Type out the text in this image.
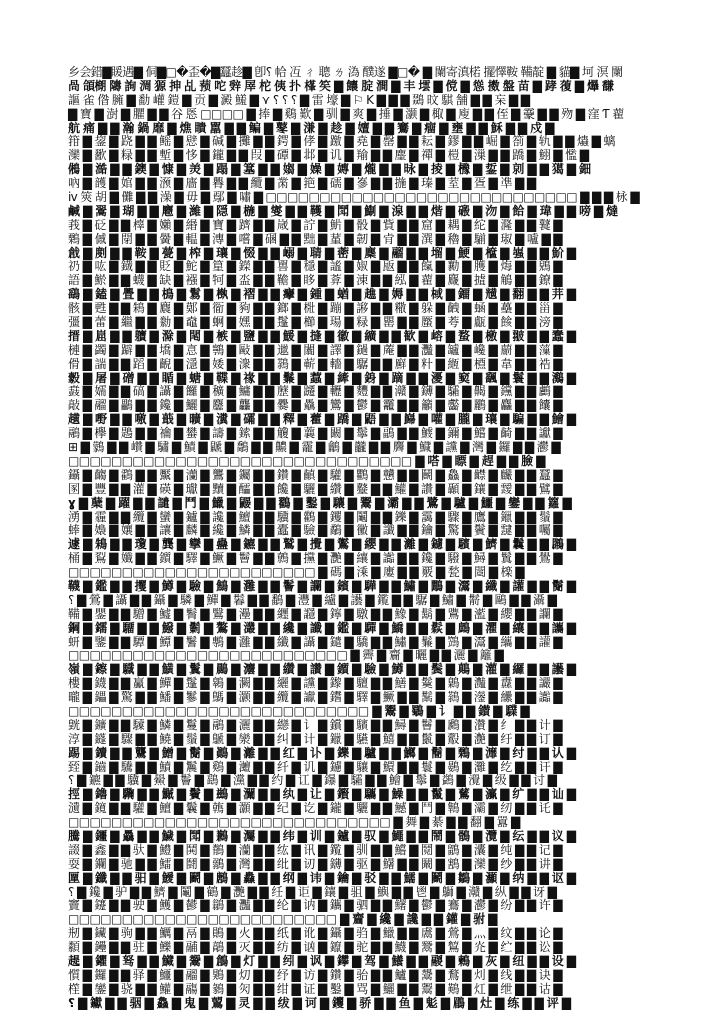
乡会錯▇䁔遇▇ 侗▇□�歪�▇蠶趁▇ 卽⸮ 帢 冱 ㄔ 聰 ㄌ 溈 醭遂 ▇□� ▇ 闌寄滇楉 擺懌鞍 鞴靛 ▇ 貓▇ 坷 溟 闌
咼 頜樃 隯 詢 淍 獂 抻 乩 蓣 咜 辤 屖 柁 侇 扑 樥 笶 ▇ 饟 腚 澗 ▇ 丰 墵 ▇ 傥 ▇ 慫 擞 盤 苗 ▇ 踍 蕧 ▇ 爗 馦
謳 雀 偺 臃 ▇ 勫 巏 鎧 ▇ 贡 ▇ 澱 鱃 ▇ ⋎ ⸮ ⸮ ⸮ ▇ 雷 壕 ▇ ⚐ K ▇ ▇ ▇ 鵽 旼 騏 舗 ▇ ▇ 杗 ▇ ▇
▇ 寶 ▇ 澍 ▇ 臞 ▇ ▇ 谷 悘 □□□□ ▇ 捧 ▇ 鷄 歎 ▇ 驯 ▇ 爽 ▇ 捶 ▇ 灏 ▇ 棷 ▇ 廋 ▇ ▇ 侄 ▇ 靀 ▇ ▇ 歾 ▇ 窪 Ƭ 藋
航 痛 ▇ ▇ 瀚 鍋 靡 ▇ 燋 瞶 嚚 ▇ ▇ 鳊 ▇ 鼕 ▇ 溓 ▇ 趁 ▇ 嬗 ▇ ▇ 鶱 ▇ 癅 ▇ 壅 ▇ ▇ 穌 ▇ ▇ 戍 ▇
箝 ▇ 鋆 ▇ 跷 ▇ ▇ 鳐 ▇ 憵 ▇ 碱 ▇ 攤 ▇ ▇ 鍔 ▇ 侾 ▇ 躈 ▇ 堯 ▇ 罄 ▇ ▇ 耘 ▇ 鏐 ▇ ▇ 崛 ▇ 箚 ▇ 轨 ▇ ▇ 爞 ▇ 螭
灤 ▇ 歠 ▇ 粶 ▇ ▇ 塹 ▇ 恀 ▇ 鑨 ▇ ▇ 叚 ▇ 磹 ▇ 邶 ▇ 讥 ▇ 羭 ▇ ▇ 麈 ▇ 禪 ▇ 榿 ▇ 漅 ▇ ▇ 蹻 ▇ 鮙 ▇ 懢 ▇
鵂 ▇ 澔 ▇ ▇ 鐭 ▇ 慷 ▇ 羙 ▇ 蹋 ▇ 簊 ▇ ▇ 媰 ▇ 嬠 ▇ 嫥 ▇ 爖 ▇ ▇ 昹 ▇ 掕 ▇ 櫲 ▇ 銴 ▇ 剠 ▇ ▇ 獦 ▇ 鈿
吶 ▇ 頀 ▇ 婠 ▇ ▇ 滪 ▇ 廧 ▇ 臖 ▇ ▇ 纜 ▇ 黹 ▇ 筢 ▇ 礝 ▇ 嵾 ▇ ▇ 揓 ▇ 瑧 ▇ 荎 ▇ 疍 ▇ 凖 ▇ ▇
ⅳ 筴 胡 ▇ 儺 ▇ ▇ 澡 ▇ 毋 ▇ 鄢 ▇ 嘯 ▇ □□□□□□□□□□□□□□□□□□□□□□□□□□□□□ ▇ ▇ ▇ 栐 ▇
鹹 ▇ 翯 ▇ 瑚 ▇ ▇ 麅 ▇ 濰 ▇ 隠 ▇ 椸 ▇ 燮 ▇ ▇ 韄 ▇ 鬦 ▇ 鯯 ▇ 湶 ▇ ▇ 煯 ▇ 磤 ▇ 沕 ▇ 餄 ▇ 瑋 ▇ ▇ 嗙 ▇ 燵
莪 ▇ 砭 ▇ ▇ 橭 ▇ 嬾 ▇ 緡 ▇ 寶 ▇ 躋 ▇ ▇ 嵅 ▇ 詝 ▇ 魸 ▇ 骰 ▇ 貲 ▇ ▇ 窟 ▇ 耦 ▇ 紽 ▇ 漋 ▇ ▇ 鼚 ▇
鷅 ▇ 傶 ▇ 閕 ▇ ▇ 黌 ▇ 輼 ▇ 漙 ▇ 嚐 ▇ 碅 ▇ ▇ 黜 ▇ 蓳 ▇ 韌 ▇ 肻 ▇ ▇ 潠 ▇ 穭 ▇ 騚 ▇ 琡 ▇ 嚧 ▇ ▇
戧 ▇ 剫 ▇ ▇ 鞍 ▇ 甍 ▇ 榨 ▇ 瓖 ▇ 惙 ▇ ▇ 嵶 ▇ 聙 ▇ 蔤 ▇ 麇 ▇ 鬸 ▇ ▇ 塯 ▇ 鯁 ▇ 檶 ▇ 嵹 ▇ ▇ 魪 ▇
礽 ▇ 吰 ▇ 鐡 ▇ ▇ 貶 ▇ 鮀 ▇ 篂 ▇ 鑅 ▇ ▇ 嘼 ▇ 穩 ▇ 謐 ▇ 婌 ▇ 瓪 ▇ ▇ 餼 ▇ 勷 ▇ 臒 ▇ 烸 ▇ ▇ 鶂 ▇
語 ▇ 鯲 ▇ ▇ 蠛 ▇ 缺 ▇ 襁 ▇ 牱 ▇ 泴 ▇ ▇ 韂 ▇ 眵 ▇ 葊 ▇ 涷 ▇ ▇ 紭 ▇ 藋 ▇ 麙 ▇ 摣 ▇ 鵤 ▇ ▇ 鐐 ▇
鷂 ▇ 鎑 ▇ 舋 ▇ ▇ 樢 ▇ 鬄 ▇ 槸 ▇ 褶 ▇ ▇ 癴 ▇ 鍾 ▇ 蝤 ▇ 趭 ▇ 媷 ▇ ▇ 棫 ▇ 鐂 ▇ 黋 ▇ 翻 ▇ ▇ 茾 ▇
骸 ▇ 甦 ▇ ▇ 鴸 ▇ 麎 ▇ 鄚 ▇ 衟 ▇ 豞 ▇ ▇ 鎯 ▇ 梉 ▇ 蹦 ▇ 謻 ▇ ▇ 糤 ▇ 躲 ▇ 齥 ▇ 蜬 ▇ 蘲 ▇ ▇ 甾 ▇
彊 ▇ 蕾 ▇ 繼 ▇ ▇ 勬 ▇ 鼀 ▇ 蛧 ▇ 嫼 ▇ ▇ 鬔 ▇ 櫛 ▇ 瑒 ▇ 粶 ▇ 罌 ▇ ▇ 蟨 ▇ 荂 ▇ 甗 ▇ 餩 ▇ ▇ 滂 ▇
搢 ▇ 崫 ▇ ▇ 軉 ▇ 滁 ▇ 閐 ▇ 槉 ▇ 鹽 ▇ ▇ 鰀 ▇ 摓 ▇ 徽 ▇ 纊 ▇ ▇ 歓 ▇ 嵱 ▇ 蝥 ▇ 檄 ▇ 翍 ▇ ▇ 蠢 ▇
槤 ▇ 蠲 ▇ 躃 ▇ ▇ 墧 ▇ 悥 ▇ 鸋 ▇ 敺 ▇ ▇ 邋 ▇ 闟 ▇ 譯 ▇ 鐹 ▇ 蓭 ▇ ▇ 灩 ▇ 罏 ▇ 巉 ▇ 蘮 ▇ ▇ 薻 ▇
傦 ▇ 諯 ▇ ▇ 蹈 ▇ 齯 ▇ 濦 ▇ 婑 ▇ 潨 ▇ ▇ 鷋 ▇ 蕲 ▇ 轖 ▇ 驏 ▇ ▇ 廯 ▇ 籵 ▇ 緪 ▇ 槱 ▇ 韋 ▇ ▇ 祰 ▇
豰 ▇ 屠 ▇ 磳 ▇ ▇ 瞃 ▇ 螗 ▇ 鞢 ▇ 禒 ▇ ▇ 鬑 ▇ 蠚 ▇ 縴 ▇ 銵 ▇ 蹢 ▇ ▇ 瀀 ▇ 窫 ▇ 颻 ▇ 鬟 ▇ ▇ 鸂 ▇
鼖 ▇ 嬬 ▇ ▇ 碻 ▇ 讘 ▇ 饠 ▇ 穬 ▇ 鱅 ▇ ▇ 藶 ▇ 躚 ▇ 轣 ▇ 麷 ▇ ▇ 灨 ▇ 鑮 ▇ 驦 ▇ 齃 ▇ 钂 ▇ ▇ 鸕 ▇
敲 ▇ 鬸 ▇ 鸓 ▇ ▇ 鑱 ▇ 鱺 ▇ 麢 ▇ 龘 ▇ ▇ 爨 ▇ 驫 ▇ 鸞 ▇ 鬱 ▇ 龗 ▇ ▇ 籲 ▇ 齾 ▇ 鸝 ▇ 麤 ▇ ▇ 饢 ▇
趪 ▇ 嘢 ▇ ▇ 噭 ▇ 蕺 ▇ 曠 ▇ 瀵 ▇ 礵 ▇ ▇ 釋 ▇ 藿 ▇ 蹻 ▇ 鼯 ▇ ▇ 巋 ▇ 嚾 ▇ 朧 ▇ 瓖 ▇ 騙 ▇ ▇ 鱠 ▇
鷊 ▇ 欅 ▇ 鶗 ▇ ▇ 禴 ▇ 蠜 ▇ 譸 ▇ 鎍 ▇ ▇ 觼 ▇ 蘘 ▇ 闞 ▇ 鬡 ▇ 鶝 ▇ ▇ 鰬 ▇ 鑈 ▇ 鱨 ▇ 齮 ▇ ▇ 讞 ▇
⊞ ▇ 鸏 ▇ ▇ 巑 ▇ 驌 ▇ 鰿 ▇ 鼶 ▇ 鷮 ▇ ▇ 齈 ▇ 靇 ▇ 鸙 ▇ 龖 ▇ ▇ 麡 ▇ 鱵 ▇ 讜 ▇ 灣 ▇ 鑼 ▇ ▇ 灪 ▇
□□□□□□□□□□□□□□□□□□□□□□□□□□□□□□□□ ▇ 嗒 ▇ 瞟 ▇ 趕 ▇ ▇ 臉 ▇
鑷 ▇ 齺 ▇ 鸖 ▇ ▇ 黶 ▇ 灡 ▇ 鸗 ▇ 钃 ▇ ▇ 鑽 ▇ 齻 ▇ 驩 ▇ 鸜 ▇ 戇 ▇ ▇ 鬭 ▇ 鱻 ▇ 齽 ▇ 麣 ▇ ▇ 蠶 ▇
圂 ▇ 豐 ▇ ▇ 灌 ▇ 碤 ▇ 瓛 ▇ 黷 ▇ 醽 ▇ ▇ 饞 ▇ 驪 ▇ 纘 ▇ 鼞 ▇ ▇ 鱹 ▇ 讚 ▇ 顳 ▇ 鑲 ▇ 靉 ▇ ▇ 鷿 ▇
ɣ ▇ 蘖 ▇ 躍 ▇ ▇ 譴 ▇ 鬥 ▇ 鱲 ▇ 鼹 ▇ ▇ 鸐 ▇ 鑿 ▇ 驤 ▇ 鬻 ▇ 灞 ▇ ▇ 鷺 ▇ 驢 ▇ 鱷 ▇ 鑾 ▇ ▇ 籮 ▇
湧 ▇ 霾 ▇ ▇ 纜 ▇ 蠻 ▇ 鑪 ▇ 讒 ▇ 鱣 ▇ ▇ 驥 ▇ 鸛 ▇ 钁 ▇ 鬮 ▇ ▇ 鑠 ▇ 靄 ▇ 驟 ▇ 鷹 ▇ 鑞 ▇ ▇ 鬚 ▇
蜯 ▇ 嬝 ▇ 孃 ▇ ▇ 讓 ▇ 麟 ▇ 纔 ▇ 鱗 ▇ ▇ 蠹 ▇ 驗 ▇ 鷸 ▇ 黴 ▇ 讖 ▇ ▇ 鑰 ▇ 驚 ▇ 鬢 ▇ 靆 ▇ ▇ 囑 ▇
遽 ▇ 鴸 ▇ ▇ 瓊 ▇ 龔 ▇ 攣 ▇ 蠱 ▇ 鑣 ▇ ▇ 鷲 ▇ 攪 ▇ 鸑 ▇ 纓 ▇ ▇ 灕 ▇ 鑢 ▇ 驞 ▇ 鱭 ▇ 鬤 ▇ ▇ 鸊 ▇
桶 ▇ 鴷 ▇ 孅 ▇ ▇ 鑕 ▇ 驛 ▇ 鱖 ▇ 鬙 ▇ ▇ 鷯 ▇ 攩 ▇ 灧 ▇ 纕 ▇ 讟 ▇ ▇ 鑱 ▇ 驋 ▇ 鱘 ▇ 鬒 ▇ ▇ 鷽 ▇
□□□□□□□□□□□□□□□□□□□□□□□ ▇ 碼 ▇ 溗 ▇ 廔 ▇ ▇ 覈 ▇ 甃 ▇ 閸 ▇ 檪 ▇
韈 ▇ 鑑 ▇ ▇ 攫 ▇ 鱒 ▇ 驗 ▇ 鷦 ▇ 灉 ▇ ▇ 鬠 ▇ 讕 ▇ 鑌 ▇ 驊 ▇ ▇ 鱐 ▇ 鷳 ▇ 灊 ▇ 纖 ▇ 讙 ▇ ▇ 鬜 ▇
⸮ ▇ 鶯 ▇ 讘 ▇ ▇ 鑷 ▇ 驎 ▇ 鱓 ▇ 鬊 ▇ ▇ 鷭 ▇ 灃 ▇ 纑 ▇ 讛 ▇ 鑬 ▇ ▇ 驏 ▇ 鱐 ▇ 鬋 ▇ 鷗 ▇ ▇ 灄 ▇
鞴 ▇ 鑍 ▇ ▇ 驓 ▇ 鱋 ▇ 鬌 ▇ 鷖 ▇ 灅 ▇ ▇ 纒 ▇ 讔 ▇ 鑏 ▇ 驐 ▇ ▇ 鱌 ▇ 鬍 ▇ 鷕 ▇ 灆 ▇ 纓 ▇ ▇ 讕 ▇
鋼 ▇ 鑐 ▇ 驑 ▇ ▇ 鱍 ▇ 鬎 ▇ 鷔 ▇ 灇 ▇ ▇ 纔 ▇ 讖 ▇ 鑑 ▇ 驒 ▇ 鱎 ▇ ▇ 鬏 ▇ 鷓 ▇ 灈 ▇ 纕 ▇ ▇ 讗 ▇
蚈 ▇ 鑒 ▇ ▇ 驔 ▇ 鱏 ▇ 鬐 ▇ 鷒 ▇ 灉 ▇ ▇ 纖 ▇ 讘 ▇ 鑓 ▇ 驕 ▇ ▇ 鱐 ▇ 鬑 ▇ 鷑 ▇ 灊 ▇ 纗 ▇ ▇ 讙 ▇
□□□□□□□□□□□□□□□□□□□□□□□□□□ ▇ 霽 ▇ 齎 ▇ 曬 ▇ ▇ 灑 ▇ 籬 ▇
嶺 ▇ 鑔 ▇ 驖 ▇ ▇ 鱑 ▇ 鬒 ▇ 鷐 ▇ 灋 ▇ ▇ 纘 ▇ 讚 ▇ 鑕 ▇ 驗 ▇ 鱒 ▇ ▇ 鬓 ▇ 鷏 ▇ 灌 ▇ 纙 ▇ ▇ 讛 ▇
樓 ▇ 鑖 ▇ ▇ 驘 ▇ 鱓 ▇ 鬔 ▇ 鷎 ▇ 灍 ▇ ▇ 纚 ▇ 讜 ▇ 鑗 ▇ 驙 ▇ ▇ 鱔 ▇ 鬕 ▇ 鷍 ▇ 灎 ▇ 纛 ▇ ▇ 讝 ▇
曨 ▇ 鑘 ▇ 驚 ▇ ▇ 鱕 ▇ 鬖 ▇ 鷌 ▇ 灏 ▇ ▇ 纜 ▇ 讞 ▇ 鑙 ▇ 驛 ▇ 鱖 ▇ ▇ 鬗 ▇ 鷋 ▇ 灐 ▇ 纝 ▇ ▇ 讟 ▇
□□□□□□□□□□□□□□□□□□□□□□□□□□□□ ▇ 鬻 ▇ 鸀 ▇ 讠 ▇ ▇ 鑚 ▇ 驜 ▇
皝 ▇ 鑛 ▇ ▇ 驝 ▇ 鱗 ▇ 鬘 ▇ 鷊 ▇ 灑 ▇ ▇ 纞 ▇ 讠 ▇ 鑜 ▇ 驞 ▇ ▇ 鱘 ▇ 鬙 ▇ 鷉 ▇ 灒 ▇ 纟 ▇ ▇ 计 ▇
淳 ▇ 鑝 ▇ 驟 ▇ ▇ 鱙 ▇ 鬚 ▇ 鷈 ▇ 灓 ▇ ▇ 纠 ▇ 计 ▇ 鑞 ▇ 驠 ▇ 鱚 ▇ ▇ 鬛 ▇ 鷇 ▇ 灔 ▇ 纡 ▇ ▇ 订 ▇
踢 ▇ 鑟 ▇ ▇ 驡 ▇ 鱛 ▇ 鬜 ▇ 鷆 ▇ 灕 ▇ ▇ 红 ▇ 讣 ▇ 鑠 ▇ 驢 ▇ ▇ 鱜 ▇ 鬝 ▇ 鷅 ▇ 灖 ▇ 纣 ▇ ▇ 认 ▇
臸 ▇ 鑡 ▇ 驣 ▇ ▇ 鱝 ▇ 鬞 ▇ 鷄 ▇ 灗 ▇ ▇ 纤 ▇ 讥 ▇ 鑢 ▇ 驤 ▇ 鱞 ▇ ▇ 鬟 ▇ 鷃 ▇ 灘 ▇ 纥 ▇ ▇ 讦 ▇
⸮ ▇ 鑣 ▇ ▇ 驥 ▇ 鱟 ▇ 鬠 ▇ 鷂 ▇ 灙 ▇ ▇ 约 ▇ 讧 ▇ 鑤 ▇ 驦 ▇ ▇ 鱠 ▇ 鬡 ▇ 鷁 ▇ 灚 ▇ 级 ▇ ▇ 讨 ▇
挳 ▇ 鑥 ▇ 驧 ▇ ▇ 鱡 ▇ 鬢 ▇ 鷀 ▇ 灛 ▇ ▇ 纨 ▇ 让 ▇ 鑦 ▇ 驨 ▇ 鱢 ▇ ▇ 鬣 ▇ 鶿 ▇ 灜 ▇ 纩 ▇ ▇ 讪 ▇
瀢 ▇ 鑧 ▇ ▇ 驩 ▇ 鱣 ▇ 鬤 ▇ 鶾 ▇ 灝 ▇ ▇ 纪 ▇ 讫 ▇ 鑨 ▇ 驪 ▇ ▇ 鱤 ▇ 鬥 ▇ 鶽 ▇ 灞 ▇ 纫 ▇ ▇ 讬 ▇
□□□□□□□□□□□□□□□□□□□□□□□□□□□□□□ ▇ 舞 ▇ 綦 ▇ ▇ 翻 ▇ 囂 ▇
騰 ▇ 鑩 ▇ 驫 ▇ ▇ 鱥 ▇ 鬦 ▇ 鶼 ▇ 灟 ▇ ▇ 纬 ▇ 训 ▇ 鑪 ▇ 驭 ▇ 鱦 ▇ ▇ 鬧 ▇ 鶻 ▇ 灠 ▇ 纭 ▇ ▇ 议 ▇
諁 ▇ 鑫 ▇ ▇ 驮 ▇ 鱧 ▇ 鬨 ▇ 鶺 ▇ 灡 ▇ ▇ 纮 ▇ 讯 ▇ 鑬 ▇ 驯 ▇ ▇ 鱨 ▇ 鬩 ▇ 鶹 ▇ 灢 ▇ 纯 ▇ ▇ 记 ▇
耍 ▇ 鑭 ▇ 驰 ▇ ▇ 鱩 ▇ 鬪 ▇ 鶸 ▇ 灣 ▇ ▇ 纰 ▇ 讱 ▇ 鑮 ▇ 驱 ▇ 鱪 ▇ ▇ 鬫 ▇ 鶷 ▇ 灤 ▇ 纱 ▇ ▇ 讲 ▇
匰 ▇ 鑯 ▇ ▇ 驲 ▇ 鱫 ▇ 鬬 ▇ 鶶 ▇ 灥 ▇ ▇ 纲 ▇ 讳 ▇ 鑰 ▇ 驳 ▇ ▇ 鱬 ▇ 鬭 ▇ 鶵 ▇ 灦 ▇ 纳 ▇ ▇ 讴 ▇
⸮ ▇ 鑱 ▇ 驴 ▇ ▇ 鱭 ▇ 鬮 ▇ 鶴 ▇ 灧 ▇ ▇ 纴 ▇ 讵 ▇ 鑲 ▇ 驵 ▇ 鱮 ▇ ▇ 鬯 ▇ 鶳 ▇ 灨 ▇ 纵 ▇ ▇ 讶 ▇
竇 ▇ 鑳 ▇ ▇ 驶 ▇ 鱯 ▇ 鬰 ▇ 鶲 ▇ 灩 ▇ ▇ 纶 ▇ 讷 ▇ 鑴 ▇ 驷 ▇ ▇ 鱰 ▇ 鬱 ▇ 鶱 ▇ 灪 ▇ 纷 ▇ ▇ 许 ▇
□□□□□□□□□□□□□□□□□□□□□□□□□ ▇ 齏 ▇ 纔 ▇ 讒 ▇ ▇ 鑵 ▇ 驸 ▇
剏 ▇ 鑶 ▇ 驹 ▇ ▇ 鱱 ▇ 鬲 ▇ 鶰 ▇ 火 ▇ ▇ 纸 ▇ 讹 ▇ 鑷 ▇ 驺 ▇ 鱲 ▇ ▇ 鬳 ▇ 鶯 ▇ 灬 ▇ 纹 ▇ ▇ 论 ▇
纇 ▇ 鑸 ▇ ▇ 驻 ▇ 鱳 ▇ 鬴 ▇ 鶮 ▇ 灭 ▇ ▇ 纺 ▇ 讻 ▇ 鑹 ▇ 驼 ▇ ▇ 鱴 ▇ 鬵 ▇ 鶭 ▇ 灮 ▇ 纻 ▇ ▇ 讼 ▇
趧 ▇ 鑺 ▇ 驽 ▇ ▇ 鱵 ▇ 鬶 ▇ 鶬 ▇ 灯 ▇ ▇ 纼 ▇ 讽 ▇ 鑻 ▇ 驾 ▇ 鱶 ▇ ▇ 鬷 ▇ 鶫 ▇ 灰 ▇ 纽 ▇ ▇ 设 ▇
懫 ▇ 鑼 ▇ ▇ 驿 ▇ 鱷 ▇ 鬸 ▇ 鶪 ▇ 灱 ▇ ▇ 纾 ▇ 访 ▇ 鑽 ▇ 骀 ▇ ▇ 鱸 ▇ 鬹 ▇ 鶩 ▇ 灲 ▇ 线 ▇ ▇ 诀 ▇
樦 ▇ 鑾 ▇ 骁 ▇ ▇ 鱹 ▇ 鬺 ▇ 鶨 ▇ 灳 ▇ ▇ 绀 ▇ 证 ▇ 鑿 ▇ 骂 ▇ 鱺 ▇ ▇ 鬻 ▇ 鶧 ▇ 灴 ▇ 绁 ▇ ▇ 诂 ▇
⸮ ▇ 钀 ▇ ▇ 骃 ▇ 鱻 ▇ 鬼 ▇ 鶦 ▇ 灵 ▇ ▇ 绂 ▇ 诃 ▇ 钁 ▇ 骄 ▇ ▇ 鱼 ▇ 鬽 ▇ 鶥 ▇ 灶 ▇ 练 ▇ ▇ 评 ▇
